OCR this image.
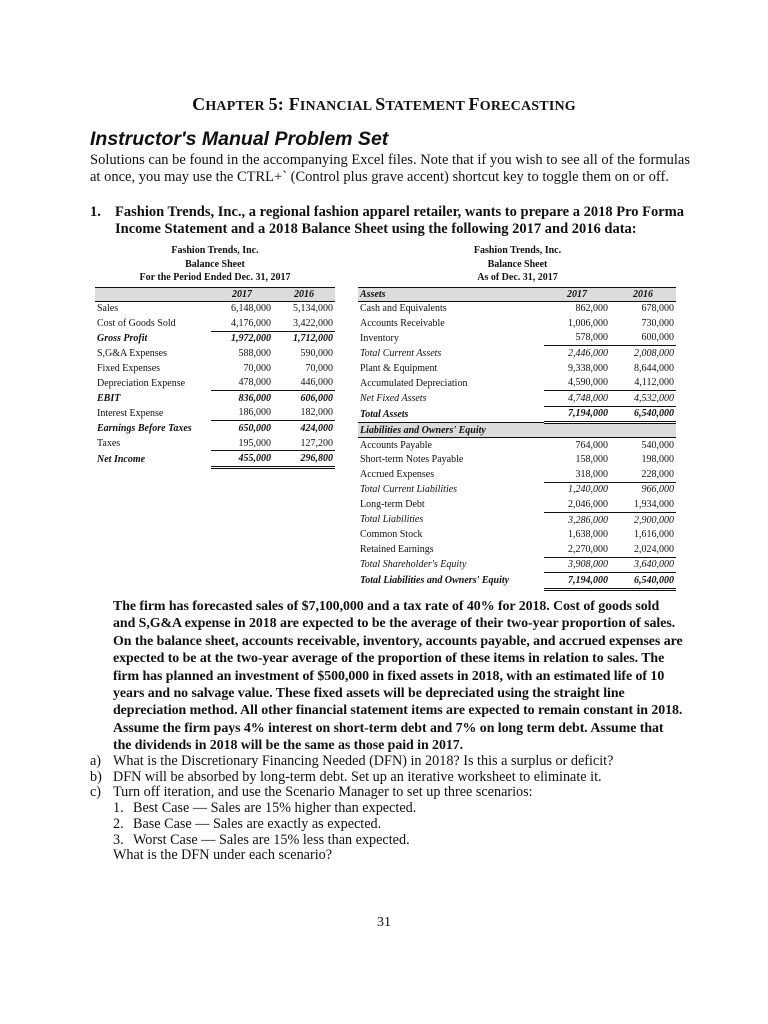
CHAPTER 5: FINANCIAL STATEMENT FORECASTING
Instructor's Manual Problem Set
Solutions can be found in the accompanying Excel files. Note that if you wish to see all of the formulas at once, you may use the CTRL+` (Control plus grave accent) shortcut key to toggle them on or off.
1. Fashion Trends, Inc., a regional fashion apparel retailer, wants to prepare a 2018 Pro Forma Income Statement and a 2018 Balance Sheet using the following 2017 and 2016 data:
Fashion Trends, Inc.
Balance Sheet
For the Period Ended Dec. 31, 2017
Fashion Trends, Inc.
Balance Sheet
As of Dec. 31, 2017
	2017	2016
Sales	6,148,000	5,134,000
Cost of Goods Sold	4,176,000	3,422,000
Gross Profit	1,972,000	1,712,000
S,G&A Expenses	588,000	590,000
Fixed Expenses	70,000	70,000
Depreciation Expense	478,000	446,000
EBIT	836,000	606,000
Interest Expense	186,000	182,000
Earnings Before Taxes	650,000	424,000
Taxes	195,000	127,200
Net Income	455,000	296,800
Assets	2017	2016
Cash and Equivalents	862,000	678,000
Accounts Receivable	1,006,000	730,000
Inventory	578,000	600,000
Total Current Assets	2,446,000	2,008,000
Plant & Equipment	9,338,000	8,644,000
Accumulated Depreciation	4,590,000	4,112,000
Net Fixed Assets	4,748,000	4,532,000
Total Assets	7,194,000	6,540,000
Liabilities and Owners' Equity		
Accounts Payable	764,000	540,000
Short-term Notes Payable	158,000	198,000
Accrued Expenses	318,000	228,000
Total Current Liabilities	1,240,000	966,000
Long-term Debt	2,046,000	1,934,000
Total Liabilities	3,286,000	2,900,000
Common Stock	1,638,000	1,616,000
Retained Earnings	2,270,000	2,024,000
Total Shareholder's Equity	3,908,000	3,640,000
Total Liabilities and Owners' Equity	7,194,000	6,540,000
The firm has forecasted sales of $7,100,000 and a tax rate of 40% for 2018. Cost of goods sold and S,G&A expense in 2018 are expected to be the average of their two-year proportion of sales. On the balance sheet, accounts receivable, inventory, accounts payable, and accrued expenses are expected to be at the two-year average of the proportion of these items in relation to sales. The firm has planned an investment of $500,000 in fixed assets in 2018, with an estimated life of 10 years and no salvage value. These fixed assets will be depreciated using the straight line depreciation method. All other financial statement items are expected to remain constant in 2018. Assume the firm pays 4% interest on short-term debt and 7% on long term debt. Assume that the dividends in 2018 will be the same as those paid in 2017.
a) What is the Discretionary Financing Needed (DFN) in 2018? Is this a surplus or deficit?
b) DFN will be absorbed by long-term debt. Set up an iterative worksheet to eliminate it.
c) Turn off iteration, and use the Scenario Manager to set up three scenarios:
1. Best Case — Sales are 15% higher than expected.
2. Base Case — Sales are exactly as expected.
3. Worst Case — Sales are 15% less than expected.
What is the DFN under each scenario?
31
